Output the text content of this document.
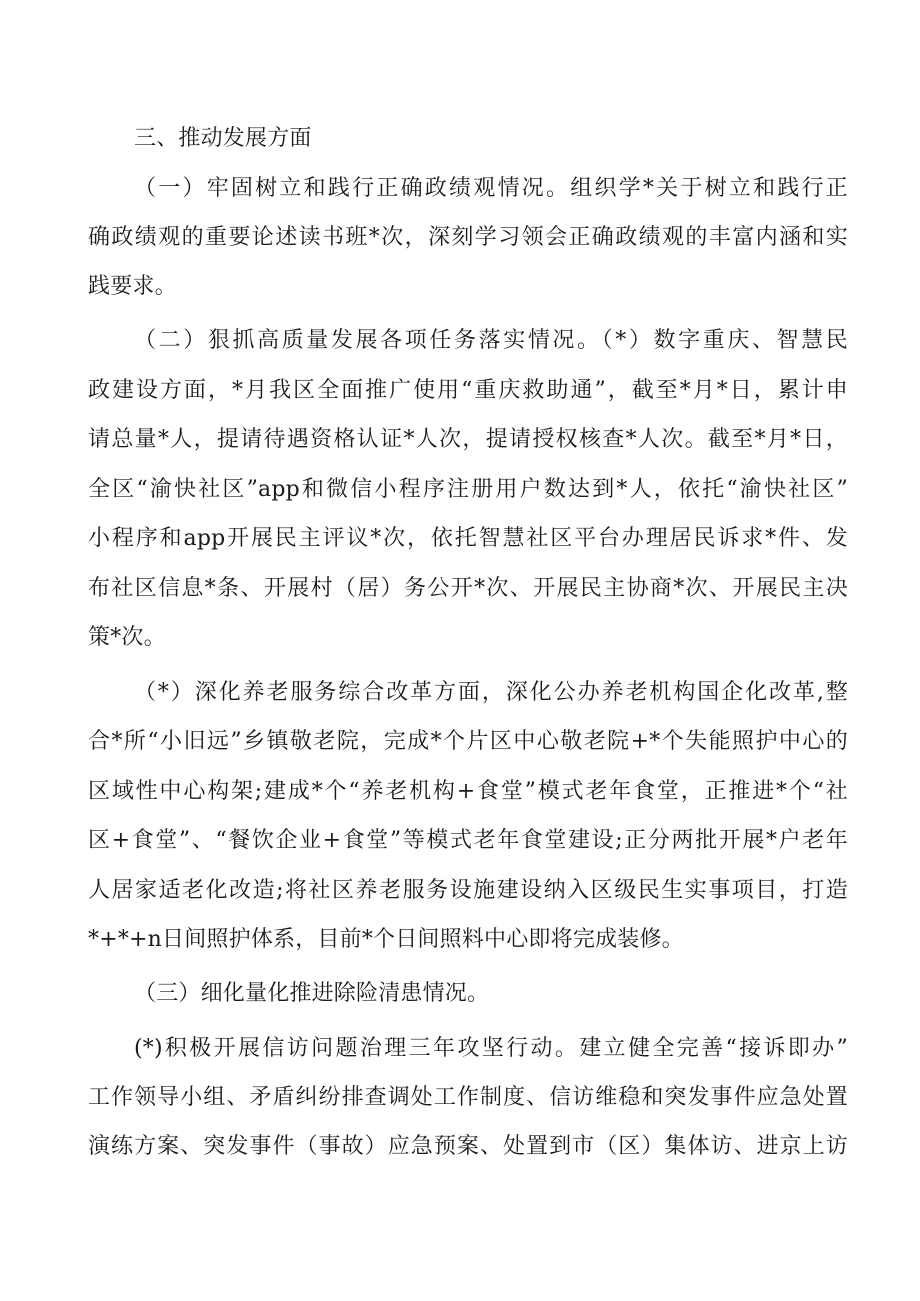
三、推动发展方面
（一）牢固树立和践行正确政绩观情况。组织学*关于树立和践行正
确政绩观的重要论述读书班*次，深刻学习领会正确政绩观的丰富内涵和实
践要求。
（二）狠抓高质量发展各项任务落实情况。（*）数字重庆、智慧民
政建设方面，*月我区全面推广使用“重庆救助通”，截至*月*日，累计申
请总量*人，提请待遇资格认证*人次，提请授权核查*人次。截至*月*日，
全区“渝快社区”app和微信小程序注册用户数达到*人，依托“渝快社区”
小程序和app开展民主评议*次，依托智慧社区平台办理居民诉求*件、发
布社区信息*条、开展村（居）务公开*次、开展民主协商*次、开展民主决
策*次。
（*）深化养老服务综合改革方面，深化公办养老机构国企化改革,整
合*所“小旧远”乡镇敬老院，完成*个片区中心敬老院+*个失能照护中心的
区域性中心构架;建成*个“养老机构+食堂”模式老年食堂，正推进*个“社
区+食堂”、“餐饮企业+食堂”等模式老年食堂建设;正分两批开展*户老年
人居家适老化改造;将社区养老服务设施建设纳入区级民生实事项目，打造
*+*+n日间照护体系，目前*个日间照料中心即将完成装修。
（三）细化量化推进除险清患情况。
(*)积极开展信访问题治理三年攻坚行动。建立健全完善“接诉即办”
工作领导小组、矛盾纠纷排查调处工作制度、信访维稳和突发事件应急处置
演练方案、突发事件（事故）应急预案、处置到市（区）集体访、进京上访
